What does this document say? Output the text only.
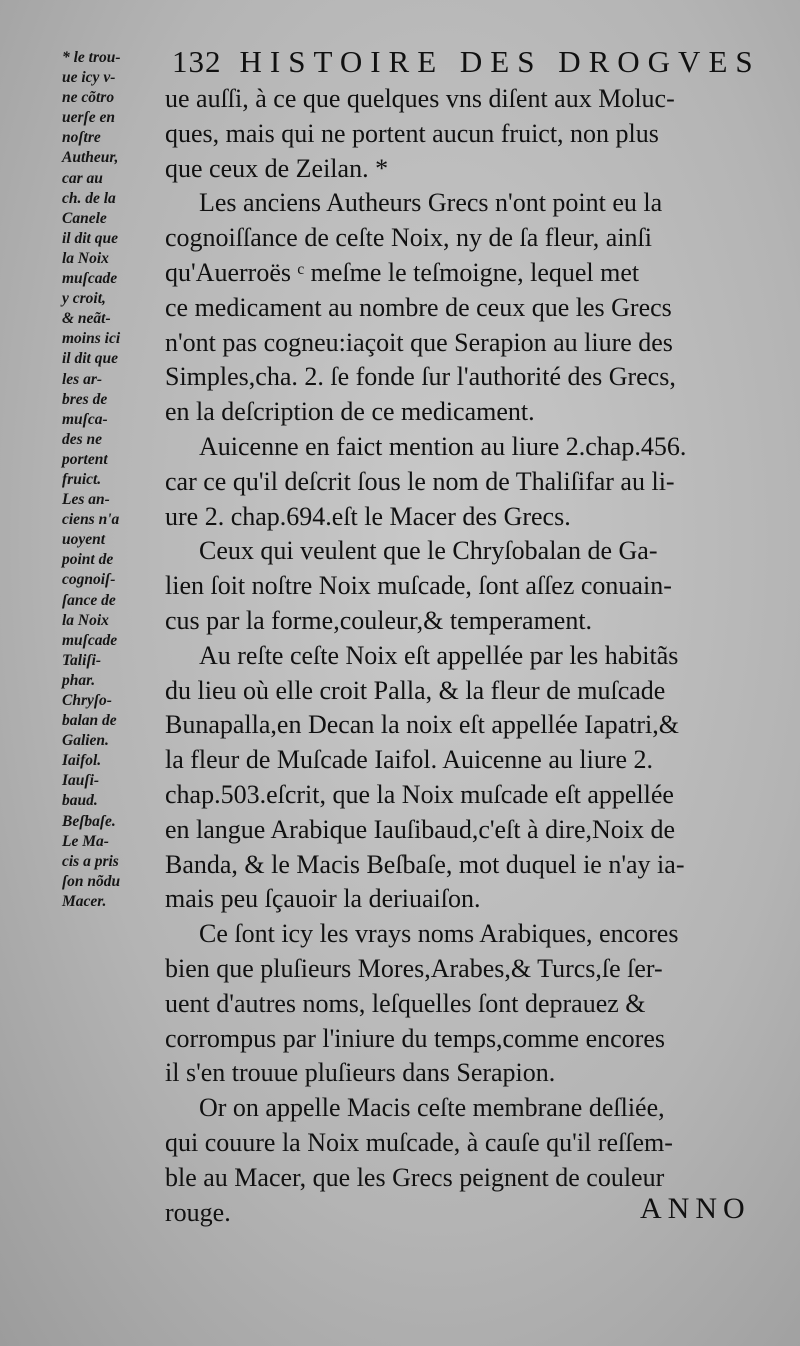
132 HISTOIRE DES DROGVES
* le trou-
ue icy v-
ne cõtro
uerſe en
noſtre
Autheur,
car au
ch. de la
Canele
il dit que
la Noix
muſcade
y croit,
& neãt-
moins ici
il dit que
les ar-
bres de
muſca-
des ne
portent
fruict.
Les an-
ciens n'a
uoyent
point de
cognoiſ-
ſance de
la Noix
muſcade
Taliſi-
phar.
Chryſo-
balan de
Galien.
Iaifol.
Iauſi-
baud.
Beſbaſe.
Le Ma-
cis a pris
ſon nõdu
Macer.
ue auſſi, à ce que quelques vns diſent aux Moluc-
ques, mais qui ne portent aucun fruict, non plus
que ceux de Zeilan. *
Les anciens Autheurs Grecs n'ont point eu la
cognoiſſance de ceſte Noix, ny de ſa fleur, ainſi
qu'Auerroës ᶜ meſme le teſmoigne, lequel met
ce medicament au nombre de ceux que les Grecs
n'ont pas cogneu:iaçoit que Serapion au liure des
Simples,cha. 2. ſe fonde ſur l'authorité des Grecs,
en la deſcription de ce medicament.
Auicenne en faict mention au liure 2.chap.456.
car ce qu'il deſcrit ſous le nom de Thaliſifar au li-
ure 2. chap.694.eſt le Macer des Grecs.
Ceux qui veulent que le Chryſobalan de Ga-
lien ſoit noſtre Noix muſcade, ſont aſſez conuain-
cus par la forme,couleur,& temperament.
Au reſte ceſte Noix eſt appellée par les habitãs
du lieu où elle croit Palla, & la fleur de muſcade
Bunapalla,en Decan la noix eſt appellée Iapatri,&
la fleur de Muſcade Iaifol. Auicenne au liure 2.
chap.503.eſcrit, que la Noix muſcade eſt appellée
en langue Arabique Iauſibaud,c'eſt à dire,Noix de
Banda, & le Macis Beſbaſe, mot duquel ie n'ay ia-
mais peu ſçauoir la deriuaiſon.
Ce ſont icy les vrays noms Arabiques, encores
bien que pluſieurs Mores,Arabes,& Turcs,ſe ſer-
uent d'autres noms, leſquelles ſont deprauez &
corrompus par l'iniure du temps,comme encores
il s'en trouue pluſieurs dans Serapion.
Or on appelle Macis ceſte membrane deſliée,
qui couure la Noix muſcade, à cauſe qu'il reſſem-
ble au Macer, que les Grecs peignent de couleur
rouge.	ANNO
